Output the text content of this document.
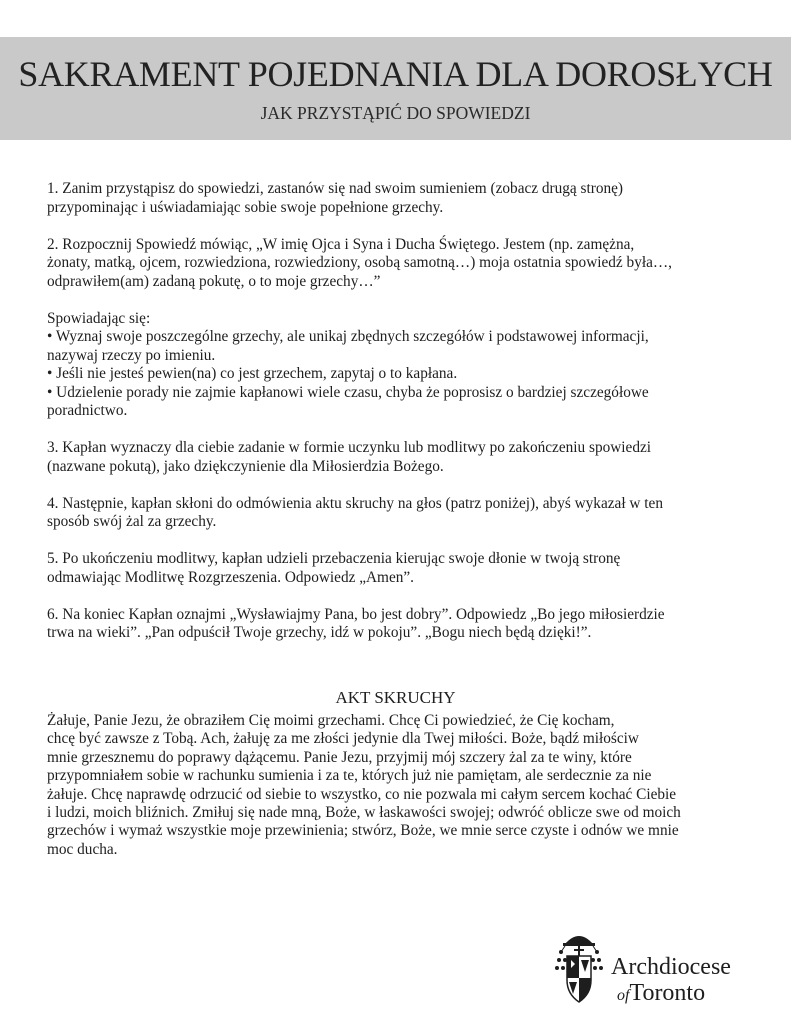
SAKRAMENT POJEDNANIA DLA DOROSŁYCH
JAK PRZYSTĄPIĆ DO SPOWIEDZI

1. Zanim przystąpisz do spowiedzi, zastanów się nad swoim sumieniem (zobacz drugą stronę)
przypominając i uświadamiając sobie swoje popełnione grzechy.

2. Rozpocznij Spowiedź mówiąc, „W imię Ojca i Syna i Ducha Świętego. Jestem (np. zamężna,
żonaty, matką, ojcem, rozwiedziona, rozwiedziony, osobą samotną…) moja ostatnia spowiedź była…,
odprawiłem(am) zadaną pokutę, o to moje grzechy…”

Spowiadając się:
• Wyznaj swoje poszczególne grzechy, ale unikaj zbędnych szczegółów i podstawowej informacji,
nazywaj rzeczy po imieniu.
• Jeśli nie jesteś pewien(na) co jest grzechem, zapytaj o to kapłana.
• Udzielenie porady nie zajmie kapłanowi wiele czasu, chyba że poprosisz o bardziej szczegółowe
poradnictwo.

3. Kapłan wyznaczy dla ciebie zadanie w formie uczynku lub modlitwy po zakończeniu spowiedzi
(nazwane pokutą), jako dziękczynienie dla Miłosierdzia Bożego.

4. Następnie, kapłan skłoni do odmówienia aktu skruchy na głos (patrz poniżej), abyś wykazał w ten
sposób swój żal za grzechy.

5. Po ukończeniu modlitwy, kapłan udzieli przebaczenia kierując swoje dłonie w twoją stronę
odmawiając Modlitwę Rozgrzeszenia. Odpowiedz „Amen”.

6. Na koniec Kapłan oznajmi „Wysławiajmy Pana, bo jest dobry”. Odpowiedz „Bo jego miłosierdzie
trwa na wieki”. „Pan odpuścił Twoje grzechy, idź w pokoju”. „Bogu niech będą dzięki!”.

AKT SKRUCHY
Żałuje, Panie Jezu, że obraziłem Cię moimi grzechami. Chcę Ci powiedzieć, że Cię kocham,
chcę być zawsze z Tobą. Ach, żałuję za me złości jedynie dla Twej miłości. Boże, bądź miłościw
mnie grzesznemu do poprawy dążącemu. Panie Jezu, przyjmij mój szczery żal za te winy, które
przypomniałem sobie w rachunku sumienia i za te, których już nie pamiętam, ale serdecznie za nie
żałuje. Chcę naprawdę odrzucić od siebie to wszystko, co nie pozwala mi całym sercem kochać Ciebie
i ludzi, moich bliźnich. Zmiłuj się nade mną, Boże, w łaskawości swojej; odwróć oblicze swe od moich
grzechów i wymaż wszystkie moje przewinienia; stwórz, Boże, we mnie serce czyste i odnów we mnie
moc ducha.
Archdiocese
ofToronto
